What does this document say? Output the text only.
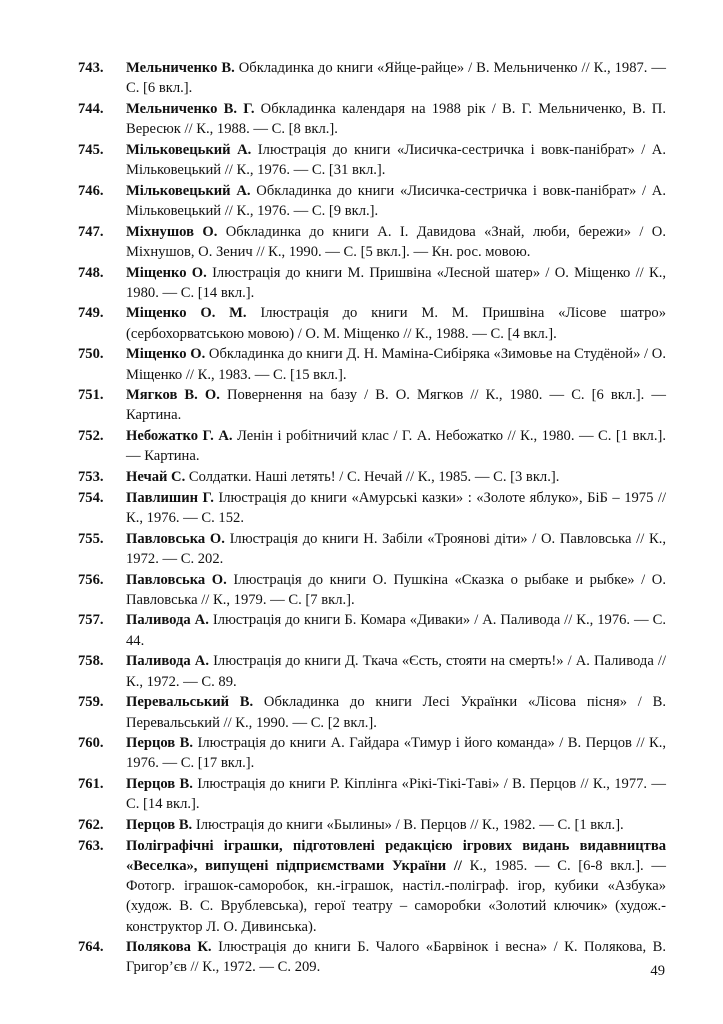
743.	Мельниченко В. Обкладинка до книги «Яйце-райце» / В. Мельниченко // К., 1987. — С. [6 вкл.].
744.	Мельниченко В. Г. Обкладинка календаря на 1988 рік / В. Г. Мельниченко, В. П. Вересюк // К., 1988. — С. [8 вкл.].
745.	Мільковецький А. Ілюстрація до книги «Лисичка-сестричка і вовк-панібрат» / А. Мільковецький // К., 1976. — С. [31 вкл.].
746.	Мільковецький А. Обкладинка до книги «Лисичка-сестричка і вовк-панібрат» / А. Мільковецький // К., 1976. — С. [9 вкл.].
747.	Міхнушов О. Обкладинка до книги А. І. Давидова «Знай, люби, бережи» / О. Міхнушов, О. Зенич // К., 1990. — С. [5 вкл.]. — Кн. рос. мовою.
748.	Міщенко О. Ілюстрація до книги М. Пришвіна «Лесной шатер» / О. Міщенко // К., 1980. — С. [14 вкл.].
749.	Міщенко О. М. Ілюстрація до книги М. М. Пришвіна «Лісове шатро» (сербохорватською мовою) / О. М. Міщенко // К., 1988. — С. [4 вкл.].
750.	Міщенко О. Обкладинка до книги Д. Н. Маміна-Сибіряка «Зимовье на Студёной» / О. Міщенко // К., 1983. — С. [15 вкл.].
751.	Мягков В. О. Повернення на базу / В. О. Мягков // К., 1980. — С. [6 вкл.]. — Картина.
752.	Небожатко Г. А. Ленін і робітничий клас / Г. А. Небожатко // К., 1980. — С. [1 вкл.]. — Картина.
753.	Нечай С. Солдатки. Наші летять! / С. Нечай // К., 1985. — С. [3 вкл.].
754.	Павлишин Г. Ілюстрація до книги «Амурські казки» : «Золоте яблуко», БіБ – 1975 // К., 1976. — С. 152.
755.	Павловська О. Ілюстрація до книги Н. Забіли «Троянові діти» / О. Павловська // К., 1972. — С. 202.
756.	Павловська О. Ілюстрація до книги О. Пушкіна «Сказка о рыбаке и рыбке» / О. Павловська // К., 1979. — С. [7 вкл.].
757.	Паливода А. Ілюстрація до книги Б. Комара «Диваки» / А. Паливода // К., 1976. — С. 44.
758.	Паливода А. Ілюстрація до книги Д. Ткача «Єсть, стояти на смерть!» / А. Паливода // К., 1972. — С. 89.
759.	Перевальський В. Обкладинка до книги Лесі Українки «Лісова пісня» / В. Перевальський // К., 1990. — С. [2 вкл.].
760.	Перцов В. Ілюстрація до книги А. Гайдара «Тимур і його команда» / В. Перцов // К., 1976. — С. [17 вкл.].
761.	Перцов В. Ілюстрація до книги Р. Кіплінга «Рікі-Тікі-Таві» / В. Перцов // К., 1977. — С. [14 вкл.].
762.	Перцов В. Ілюстрація до книги «Былины» / В. Перцов // К., 1982. — С. [1 вкл.].
763.	Поліграфічні іграшки, підготовлені редакцією ігрових видань видавництва «Веселка», випущені підприємствами України // К., 1985. — С. [6-8 вкл.]. — Фотогр. іграшок-саморобок, кн.-іграшок, настіл.-поліграф. ігор, кубики «Азбука» (худож. В. С. Врублевська), герої театру – саморобки «Золотий ключик» (худож.-конструктор Л. О. Дивинська).
764.	Полякова К. Ілюстрація до книги Б. Чалого «Барвінок і весна» / К. Полякова, В. Григор’єв // К., 1972. — С. 209.	49
